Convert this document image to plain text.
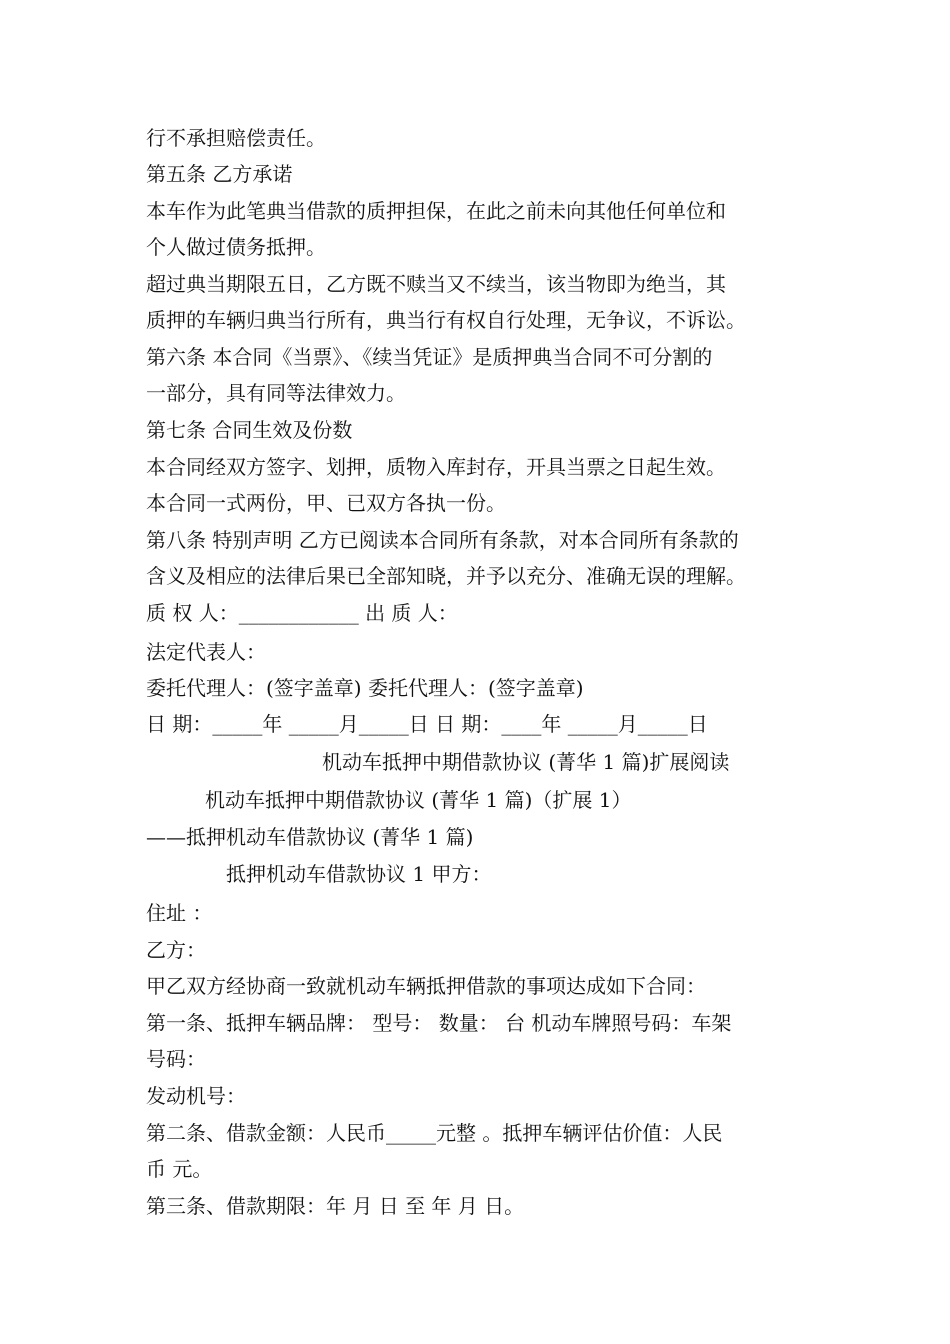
行不承担赔偿责任。
第五条 乙方承诺
本车作为此笔典当借款的质押担保，在此之前未向其他任何单位和
个人做过债务抵押。
超过典当期限五日，乙方既不赎当又不续当，该当物即为绝当，其
质押的车辆归典当行所有，典当行有权自行处理，无争议，不诉讼。
第六条 本合同《当票》、《续当凭证》是质押典当合同不可分割的
一部分，具有同等法律效力。
第七条 合同生效及份数
本合同经双方签字、划押，质物入库封存，开具当票之日起生效。
本合同一式两份，甲、已双方各执一份。
第八条 特别声明 乙方已阅读本合同所有条款，对本合同所有条款的
含义及相应的法律后果已全部知晓，并予以充分、准确无误的理解。
质 权 人：____________ 出 质 人：
法定代表人：
委托代理人：(签字盖章) 委托代理人：(签字盖章)
日 期：_____年 _____月_____日 日 期：____年 _____月_____日
机动车抵押中期借款协议 (菁华 1 篇)扩展阅读
机动车抵押中期借款协议 (菁华 1 篇)（扩展 1）
——抵押机动车借款协议 (菁华 1 篇)
抵押机动车借款协议 1 甲方：
住址 ：
乙方：
甲乙双方经协商一致就机动车辆抵押借款的事项达成如下合同：
第一条、抵押车辆品牌： 型号： 数量： 台 机动车牌照号码：车架
号码：
发动机号：
第二条、借款金额：人民币_____元整 。抵押车辆评估价值：人民
币 元。
第三条、借款期限：年 月 日 至 年 月 日。
